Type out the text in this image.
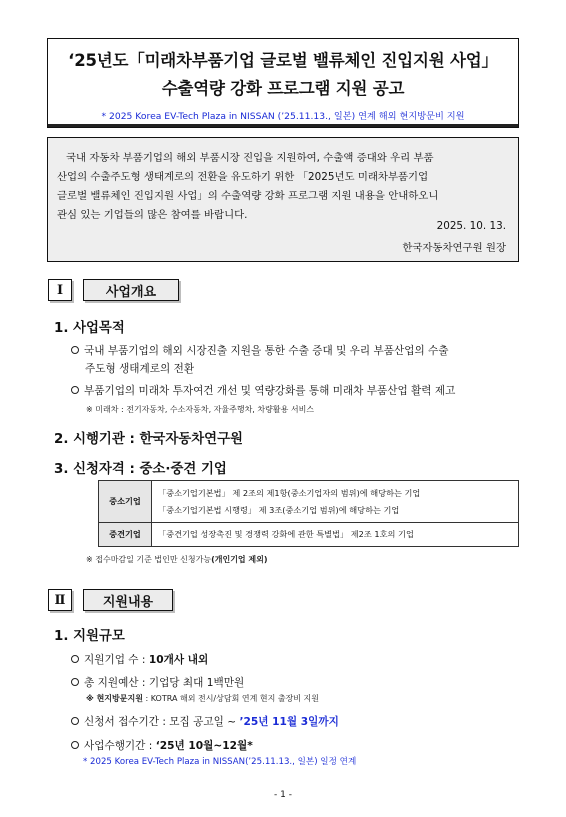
‘25년도「미래차부품기업 글로벌 밸류체인 진입지원 사업」
수출역량 강화 프로그램 지원 공고
* 2025 Korea EV-Tech Plaza in NISSAN (’25.11.13., 일본) 연계 해외 현지방문비 지원
국내 자동차 부품기업의 해외 부품시장 진입을 지원하여, 수출액 증대와 우리 부품
산업의 수출주도형 생태계로의 전환을 유도하기 위한 「2025년도 미래차부품기업
글로벌 밸류체인 진입지원 사업」의 수출역량 강화 프로그램 지원 내용을 안내하오니
관심 있는 기업들의 많은 참여를 바랍니다.
2025. 10. 13.
한국자동차연구원 원장
I	사업개요
1. 사업목적
국내 부품기업의 해외 시장진출 지원을 통한 수출 증대 및 우리 부품산업의 수출
주도형 생태계로의 전환
부품기업의 미래차 투자여건 개선 및 역량강화를 통해 미래차 부품산업 활력 제고
※ 미래차 : 전기자동차, 수소자동차, 자율주행차, 차량활용 서비스
2. 시행기관 : 한국자동차연구원
3. 신청자격 : 중소·중견 기업
중소기업	「중소기업기본법」 제 2조의 제1항(중소기업자의 범위)에 해당하는 기업
「중소기업기본법 시행령」 제 3조(중소기업 범위)에 해당하는 기업

중견기업	「중견기업 성장촉진 및 경쟁력 강화에 관한 특별법」 제2조 1호의 기업
※ 접수마감일 기준 법인만 신청가능(개인기업 제외)
Ⅱ	지원내용
1. 지원규모
지원기업 수 : 10개사 내외
총 지원예산 : 기업당 최대 1백만원
※ 현지방문지원 : KOTRA 해외 전시/상담회 연계 현지 출장비 지원
신청서 접수기간 : 모집 공고일 ~ ’25년 11월 3일까지
사업수행기간 : ‘25년 10월~12월*
* 2025 Korea EV-Tech Plaza in NISSAN(’25.11.13., 일본) 일정 연계
- 1 -
